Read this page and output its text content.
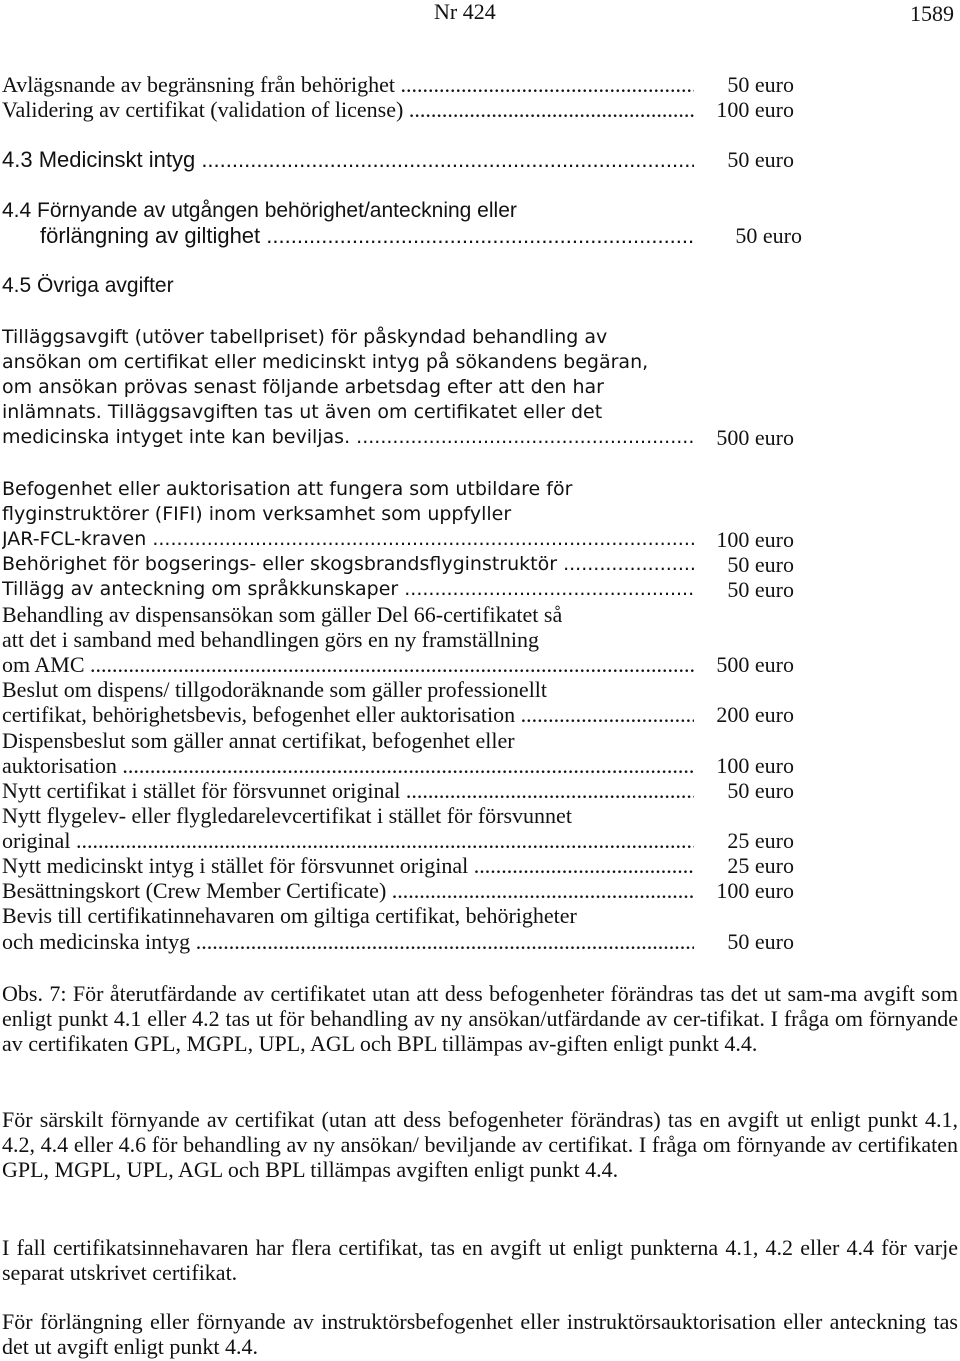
Nr 424	1589
Avlägsnande av begränsning från behörighet .....	50 euro
Validering av certifikat (validation of license) .....	100 euro
4.3 Medicinskt intyg .....	50 euro
4.4 Förnyande av utgången behörighet/anteckning eller
förlängning av giltighet .....	50 euro
4.5 Övriga avgifter
Tilläggsavgift (utöver tabellpriset) för påskyndad behandling av
ansökan om certifikat eller medicinskt intyg på sökandens begäran,
om ansökan prövas senast följande arbetsdag efter att den har
inlämnats. Tilläggsavgiften tas ut även om certifikatet eller det
medicinska intyget inte kan beviljas. .....	500 euro
Befogenhet eller auktorisation att fungera som utbildare för
flyginstruktörer (FIFI) inom verksamhet som uppfyller
JAR-FCL-kraven .....	100 euro
Behörighet för bogserings- eller skogsbrandsflyginstruktör .....	50 euro
Tillägg av anteckning om språkkunskaper .....	50 euro
Behandling av dispensansökan som gäller Del 66-certifikatet så
att det i samband med behandlingen görs en ny framställning
om AMC .....	500 euro
Beslut om dispens/ tillgodoräknande som gäller professionellt
certifikat, behörighetsbevis, befogenhet eller auktorisation .....	200 euro
Dispensbeslut som gäller annat certifikat, befogenhet eller
auktorisation .....	100 euro
Nytt certifikat i stället för försvunnet original .....	50 euro
Nytt flygelev- eller flygledarelevcertifikat i stället för försvunnet
original .....	25 euro
Nytt medicinskt intyg i stället för försvunnet original .....	25 euro
Besättningskort (Crew Member Certificate) .....	100 euro
Bevis till certifikatinnehavaren om giltiga certifikat, behörigheter
och medicinska intyg .....	50 euro
Obs. 7: För återutfärdande av certifikatet utan att dess befogenheter förändras tas det ut sam-ma avgift som enligt punkt 4.1 eller 4.2 tas ut för behandling av ny ansökan/utfärdande av cer-tifikat. I fråga om förnyande av certifikaten GPL, MGPL, UPL, AGL och BPL tillämpas av-giften enligt punkt 4.4.
För särskilt förnyande av certifikat (utan att dess befogenheter förändras) tas en avgift ut enligt punkt 4.1, 4.2, 4.4 eller 4.6 för behandling av ny ansökan/ beviljande av certifikat. I fråga om förnyande av certifikaten GPL, MGPL, UPL, AGL och BPL tillämpas avgiften enligt punkt 4.4.
I fall certifikatsinnehavaren har flera certifikat, tas en avgift ut enligt punkterna 4.1, 4.2 eller 4.4 för varje separat utskrivet certifikat.
För förlängning eller förnyande av instruktörsbefogenhet eller instruktörsauktorisation eller anteckning tas det ut avgift enligt punkt 4.4.
